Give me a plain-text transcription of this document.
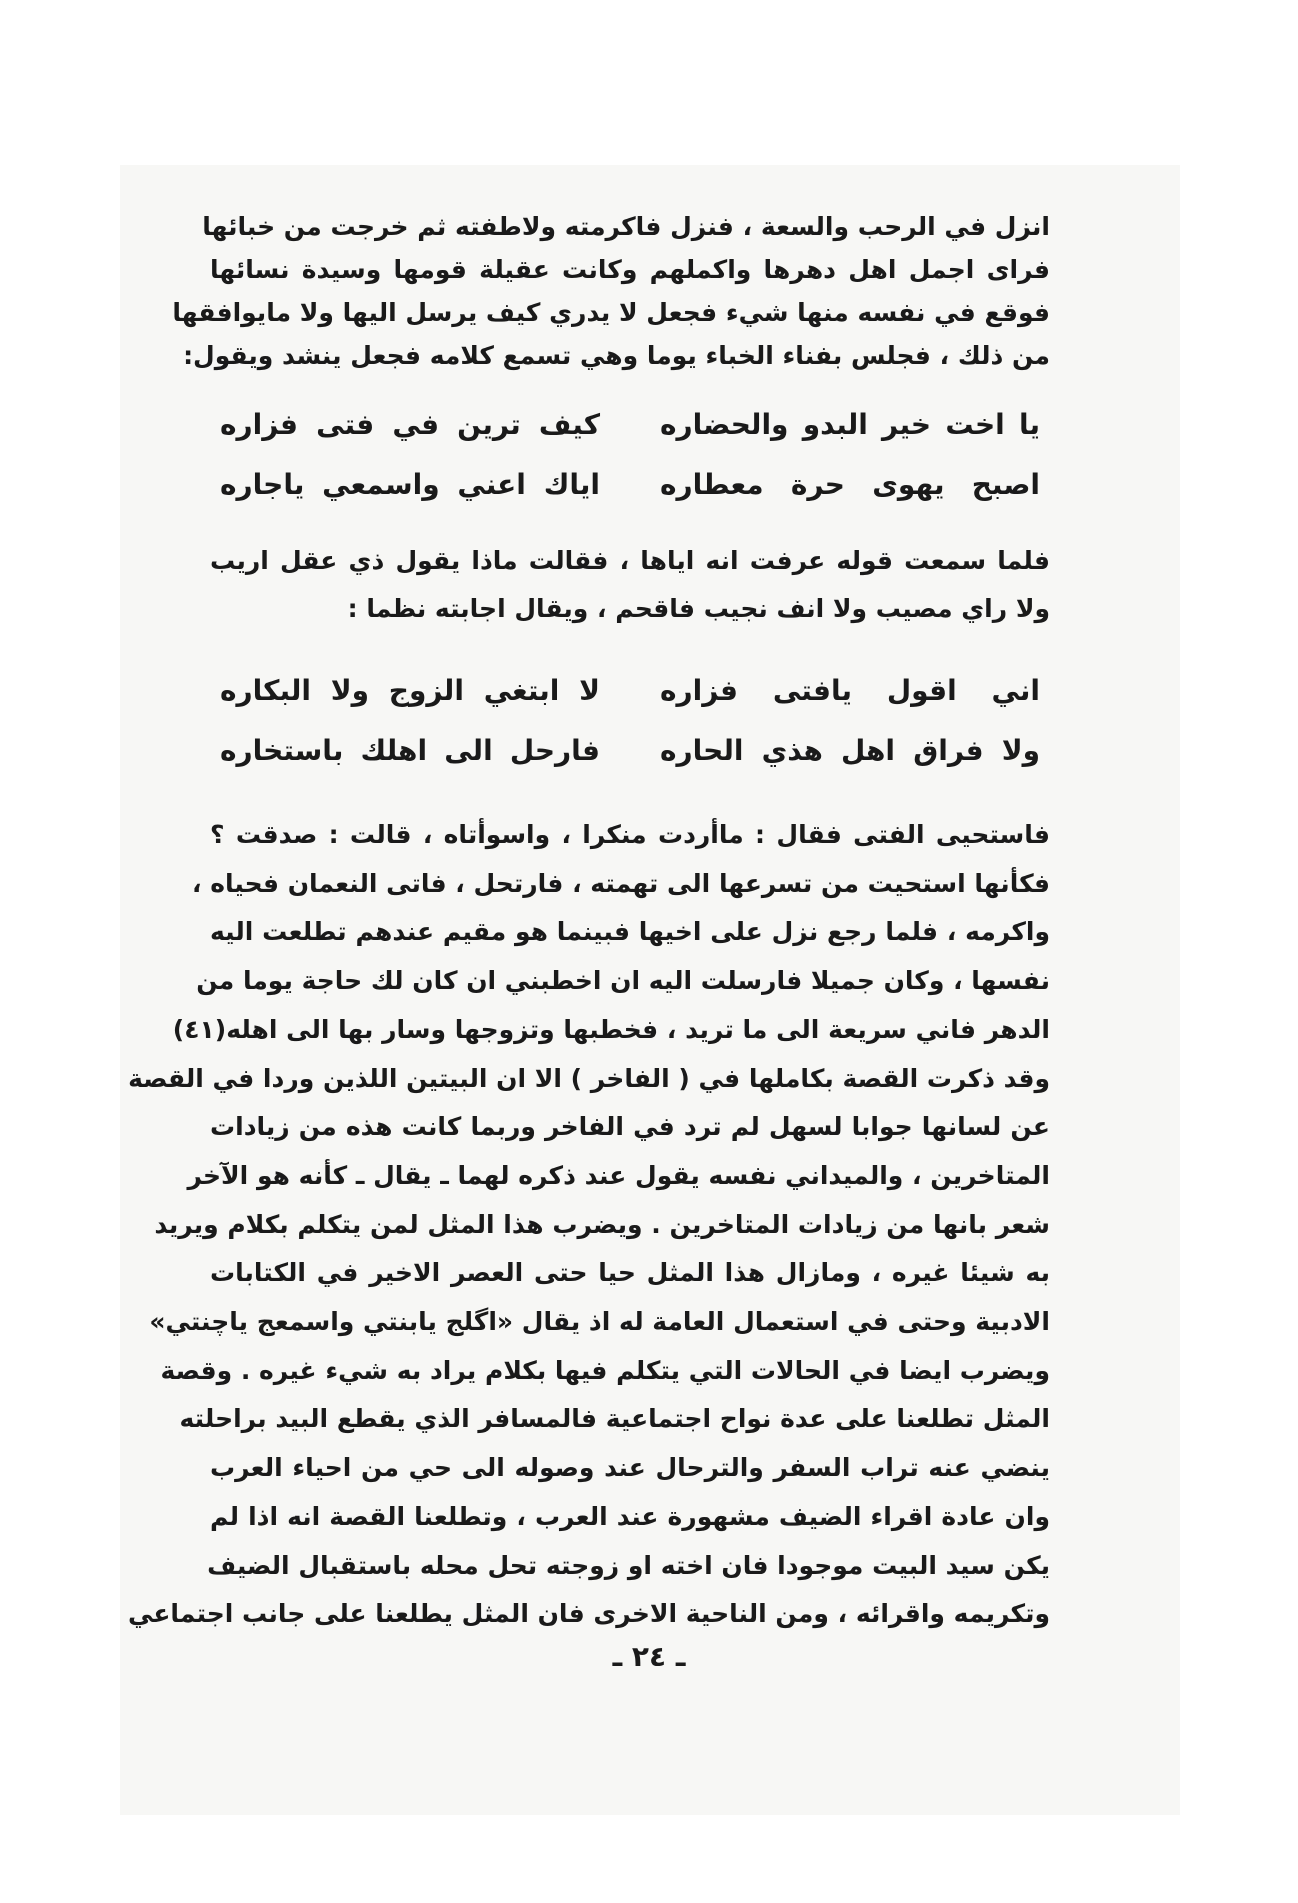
انزل في الرحب والسعة ، فنزل فاكرمته ولاطفته ثم خرجت من خبائها
فراى اجمل اهل دهرها واكملهم وكانت عقيلة قومها وسيدة نسائها
فوقع في نفسه منها شيء فجعل لا يدري كيف يرسل اليها ولا مايوافقها
من ذلك ، فجلس بفناء الخباء يوما وهي تسمع كلامه فجعل ينشد ويقول:

يا اخت خير البدو والحضاره
كيف ترين في فتى فزاره
اصبح يهوى حرة معطاره
اياك اعني واسمعي ياجاره

فلما سمعت قوله عرفت انه اياها ، فقالت ماذا يقول ذي عقل اريب
ولا راي مصيب ولا انف نجيب فاقحم ، ويقال اجابته نظما :

اني اقول يافتى فزاره
لا ابتغي الزوج ولا البكاره
ولا فراق اهل هذي الحاره
فارحل الى اهلك باستخاره

فاستحيى الفتى فقال : ماأردت منكرا ، واسوأتاه ، قالت : صدقت ؟
فكأنها استحيت من تسرعها الى تهمته ، فارتحل ، فاتى النعمان فحياه ،
واكرمه ، فلما رجع نزل على اخيها فبينما هو مقيم عندهم تطلعت اليه
نفسها ، وكان جميلا فارسلت اليه ان اخطبني ان كان لك حاجة يوما من
الدهر فاني سريعة الى ما تريد ، فخطبها وتزوجها وسار بها الى اهله(٤١)
وقد ذكرت القصة بكاملها في ( الفاخر ) الا ان البيتين اللذين وردا في القصة
عن لسانها جوابا لسهل لم ترد في الفاخر وربما كانت هذه من زيادات
المتاخرين ، والميداني نفسه يقول عند ذكره لهما ـ يقال ـ كأنه هو الآخر
شعر بانها من زيادات المتاخرين . ويضرب هذا المثل لمن يتكلم بكلام ويريد
به شيئا غيره ، ومازال هذا المثل حيا حتى العصر الاخير في الكتابات
الادبية وحتى في استعمال العامة له اذ يقال «اگلج يابنتي واسمعج ياچنتي»
ويضرب ايضا في الحالات التي يتكلم فيها بكلام يراد به شيء غيره . وقصة
المثل تطلعنا على عدة نواح اجتماعية فالمسافر الذي يقطع البيد براحلته
ينضي عنه تراب السفر والترحال عند وصوله الى حي من احياء العرب
وان عادة اقراء الضيف مشهورة عند العرب ، وتطلعنا القصة انه اذا لم
يكن سيد البيت موجودا فان اخته او زوجته تحل محله باستقبال الضيف
وتكريمه واقرائه ، ومن الناحية الاخرى فان المثل يطلعنا على جانب اجتماعي

ـ ٢٤ ـ
